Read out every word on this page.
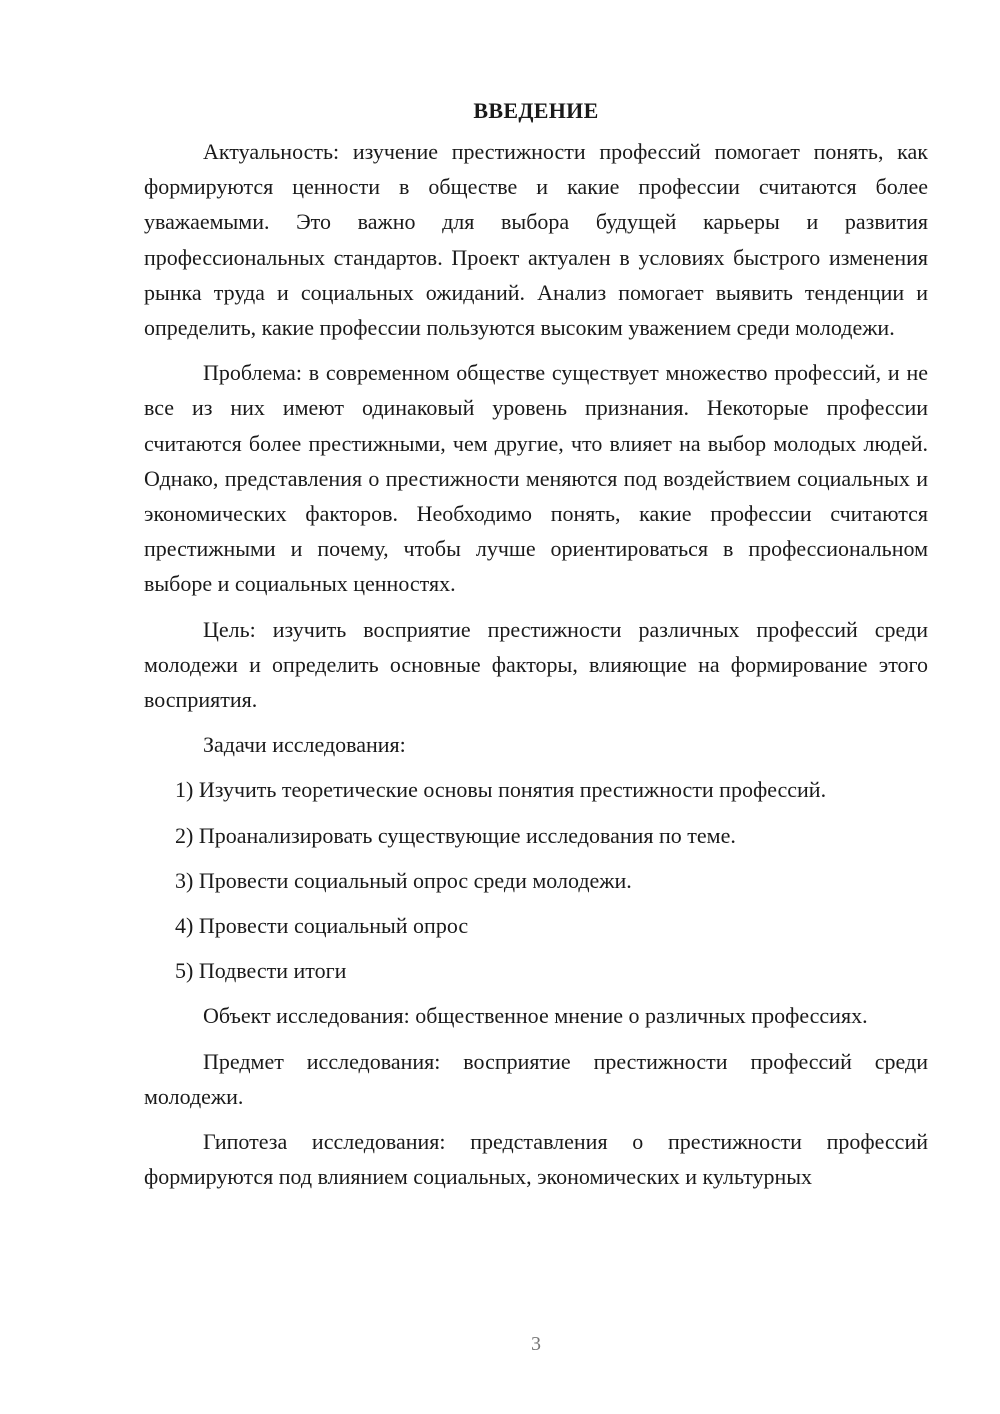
ВВЕДЕНИЕ

Актуальность: изучение престижности профессий помогает понять, как формируются ценности в обществе и какие профессии считаются более уважаемыми. Это важно для выбора будущей карьеры и развития профессиональных стандартов. Проект актуален в условиях быстрого изменения рынка труда и социальных ожиданий. Анализ помогает выявить тенденции и определить, какие профессии пользуются высоким уважением среди молодежи.

Проблема: в современном обществе существует множество профессий, и не все из них имеют одинаковый уровень признания. Некоторые профессии считаются более престижными, чем другие, что влияет на выбор молодых людей. Однако, представления о престижности меняются под воздействием социальных и экономических факторов. Необходимо понять, какие профессии считаются престижными и почему, чтобы лучше ориентироваться в профессиональном выборе и социальных ценностях.

Цель: изучить восприятие престижности различных профессий среди молодежи и определить основные факторы, влияющие на формирование этого восприятия.

Задачи исследования:

1) Изучить теоретические основы понятия престижности профессий.
2) Проанализировать существующие исследования по теме.
3) Провести социальный опрос среди молодежи.
4) Провести социальный опрос
5) Подвести итоги

Объект исследования: общественное мнение о различных профессиях.

Предмет исследования: восприятие престижности профессий среди молодежи.

Гипотеза исследования: представления о престижности профессий формируются под влиянием социальных, экономических и культурных

3
